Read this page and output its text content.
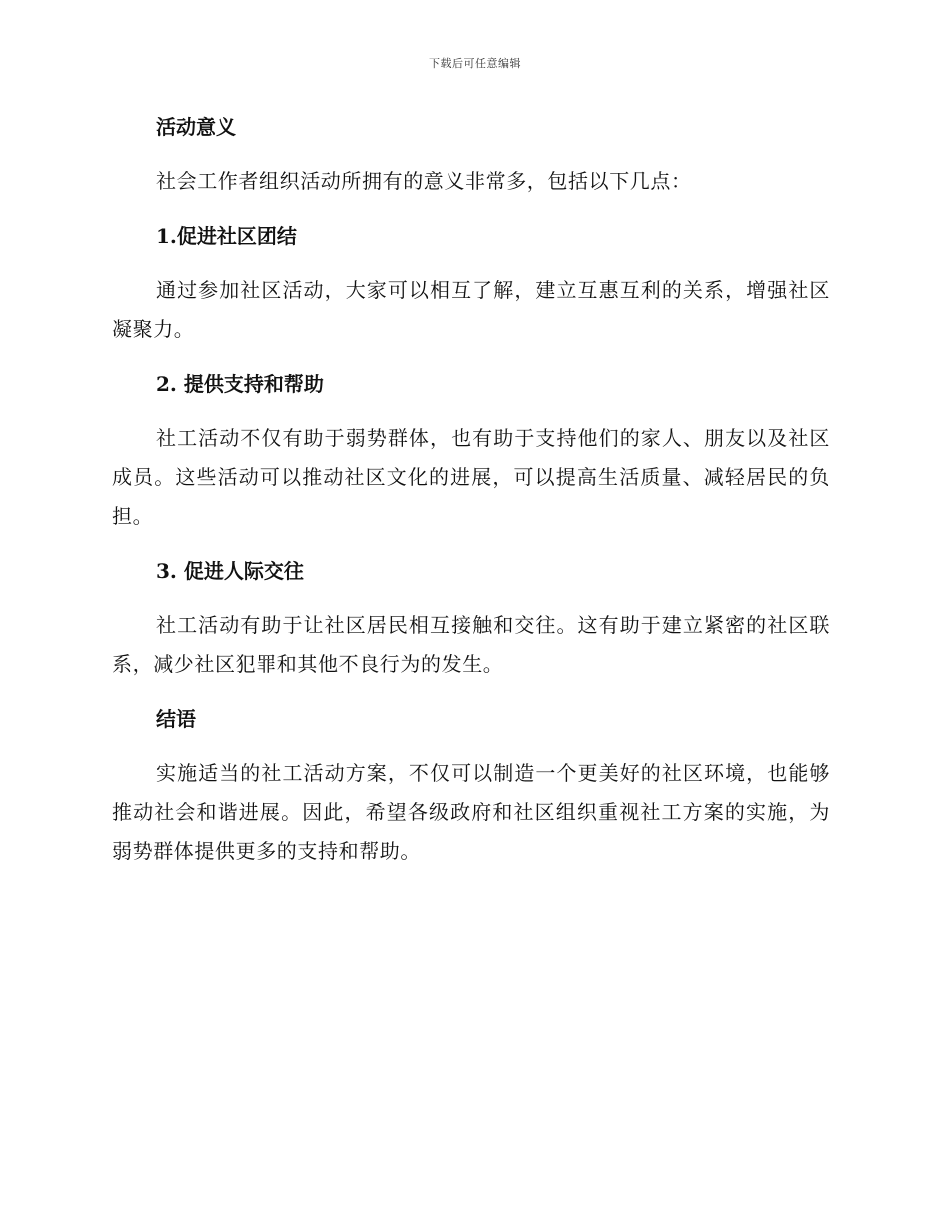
下载后可任意编辑
活动意义

社会工作者组织活动所拥有的意义非常多，包括以下几点：

1.促进社区团结

通过参加社区活动，大家可以相互了解，建立互惠互利的关系，增强社区凝聚力。

2. 提供支持和帮助

社工活动不仅有助于弱势群体，也有助于支持他们的家人、朋友以及社区成员。这些活动可以推动社区文化的进展，可以提高生活质量、减轻居民的负担。

3. 促进人际交往

社工活动有助于让社区居民相互接触和交往。这有助于建立紧密的社区联系，减少社区犯罪和其他不良行为的发生。

结语

实施适当的社工活动方案，不仅可以制造一个更美好的社区环境，也能够推动社会和谐进展。因此，希望各级政府和社区组织重视社工方案的实施，为弱势群体提供更多的支持和帮助。
